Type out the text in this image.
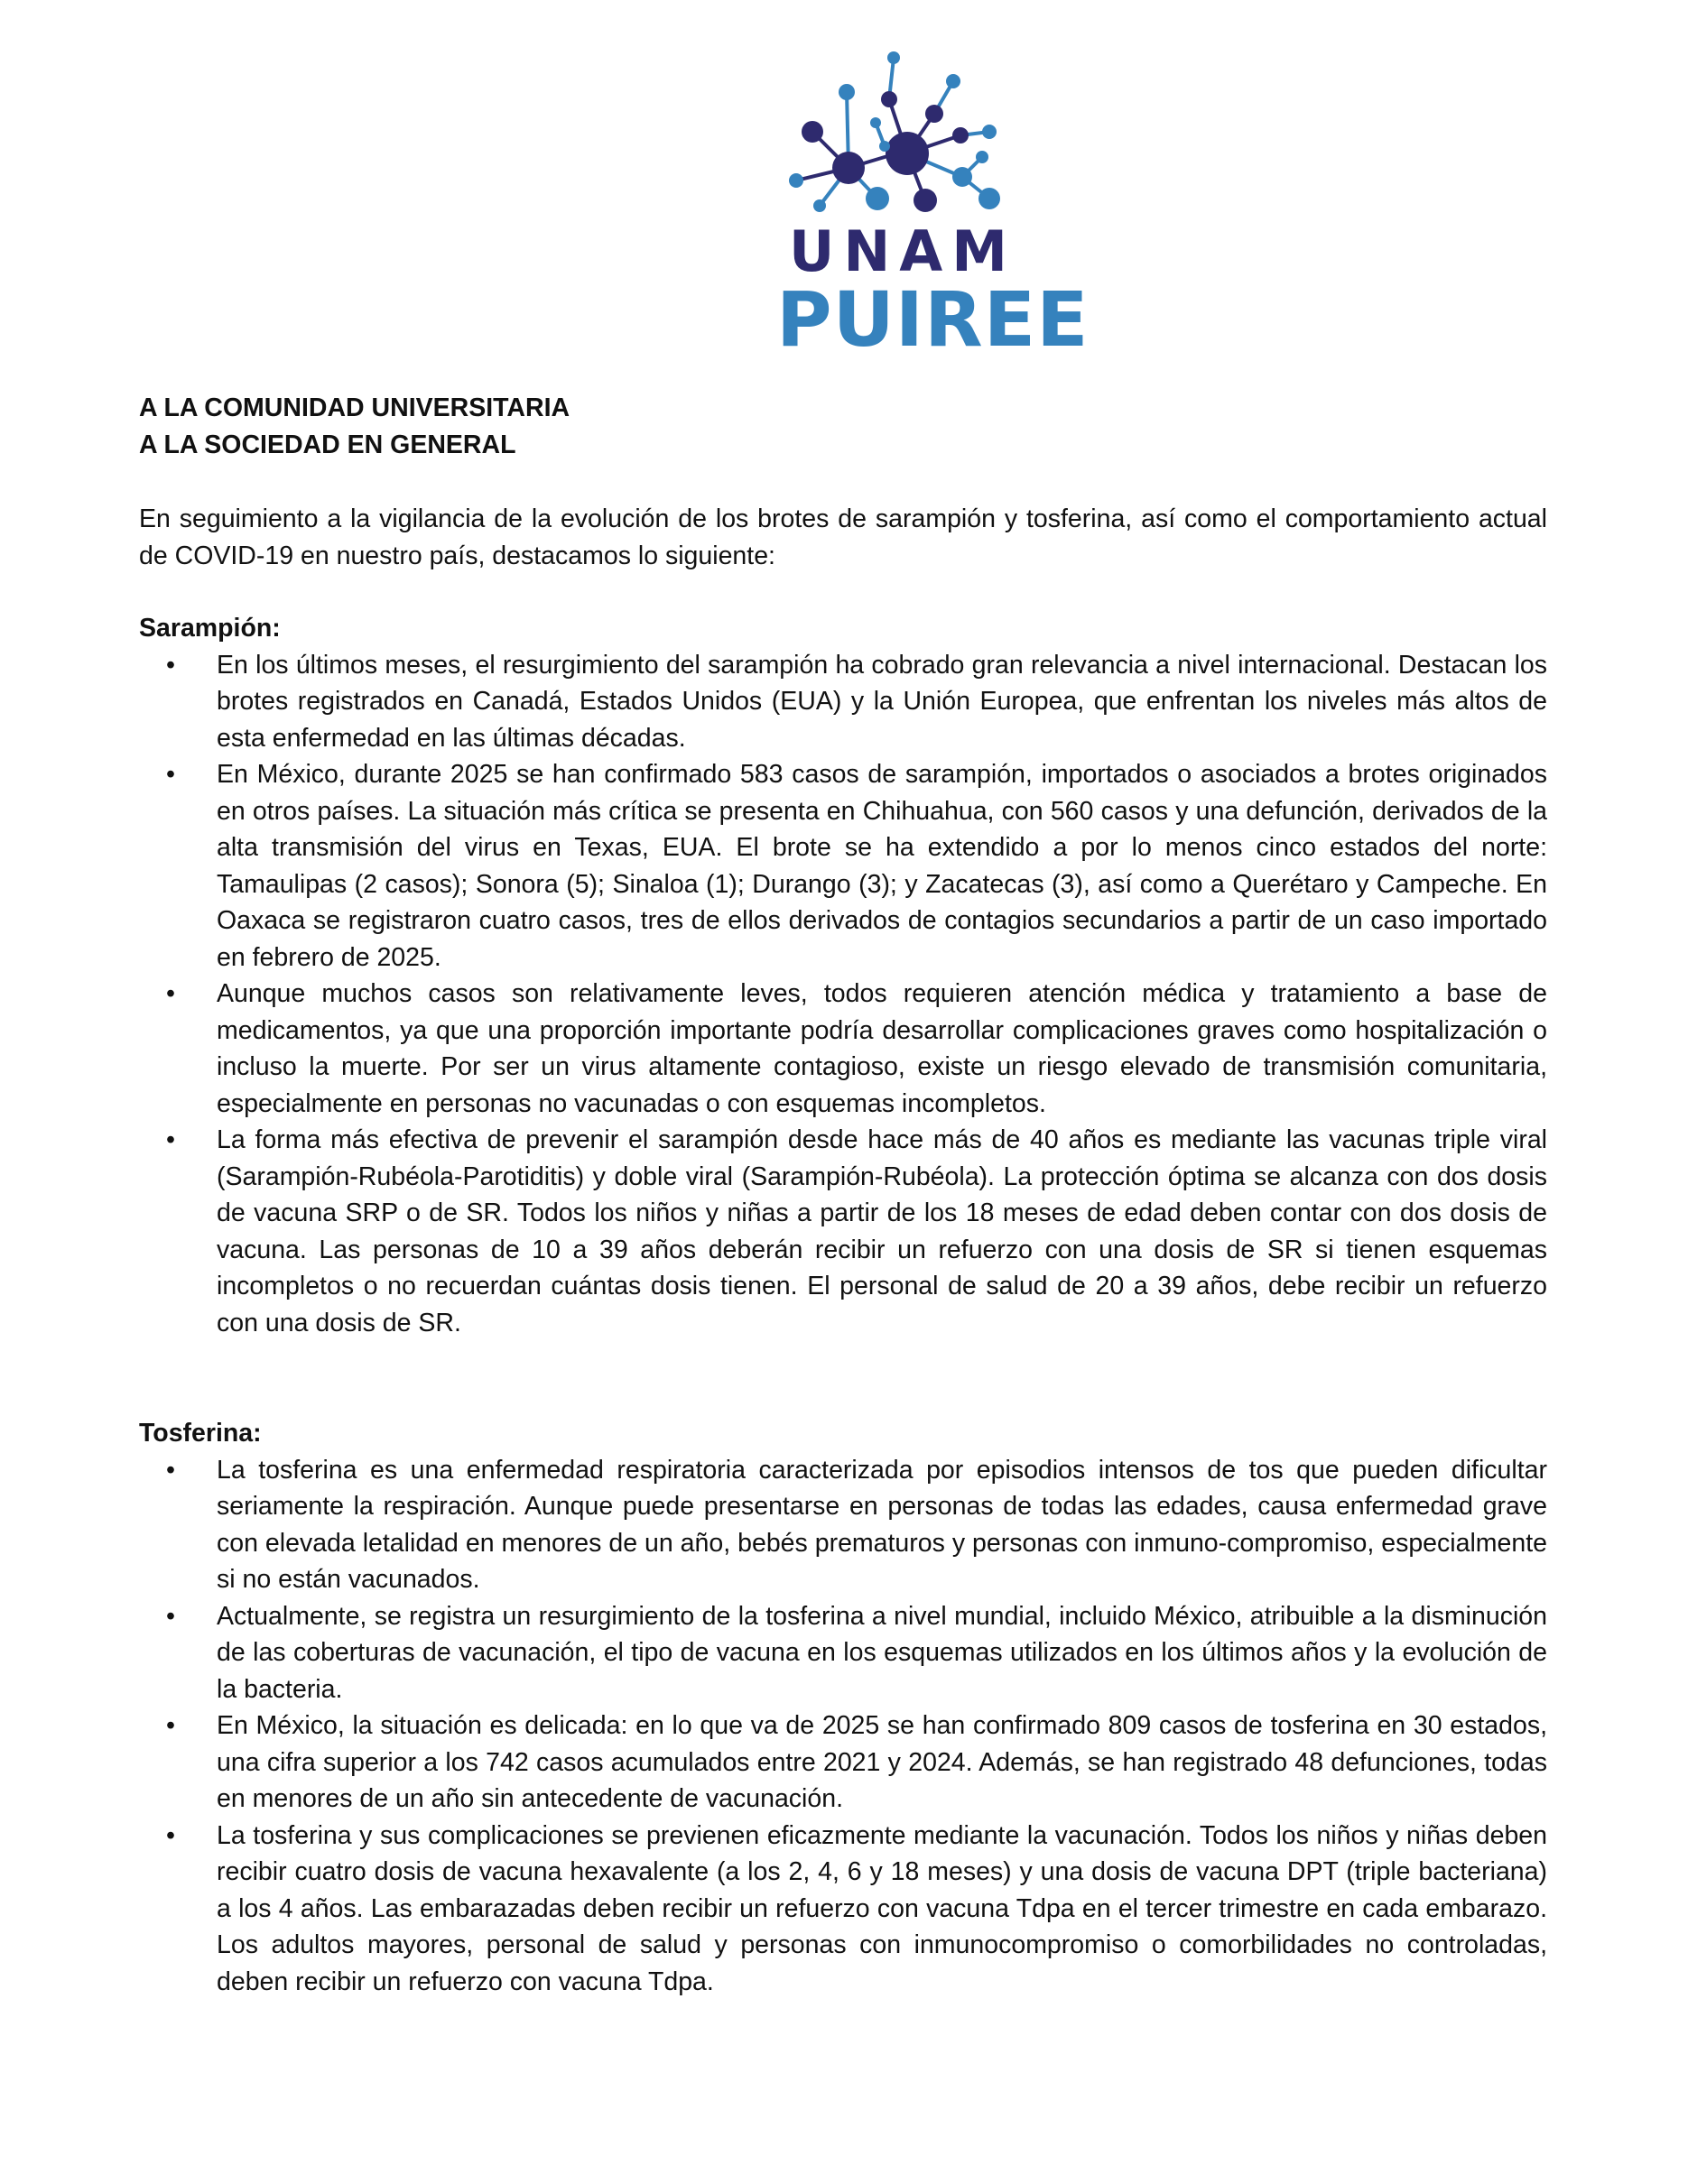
UNAM
PUIREE

A LA COMUNIDAD UNIVERSITARIA

A LA SOCIEDAD EN GENERAL

En seguimiento a la vigilancia de la evolución de los brotes de sarampión y tosferina, así como el comportamiento actual de COVID-19 en nuestro país, destacamos lo siguiente:

Sarampión:

• En los últimos meses, el resurgimiento del sarampión ha cobrado gran relevancia a nivel internacional. Destacan los brotes registrados en Canadá, Estados Unidos (EUA) y la Unión Europea, que enfrentan los niveles más altos de esta enfermedad en las últimas décadas.
• En México, durante 2025 se han confirmado 583 casos de sarampión, importados o asociados a brotes originados en otros países. La situación más crítica se presenta en Chihuahua, con 560 casos y una defunción, derivados de la alta transmisión del virus en Texas, EUA. El brote se ha extendido a por lo menos cinco estados del norte: Tamaulipas (2 casos); Sonora (5); Sinaloa (1); Durango (3); y Zacatecas (3), así como a Querétaro y Campeche. En Oaxaca se registraron cuatro casos, tres de ellos derivados de contagios secundarios a partir de un caso importado en febrero de 2025.
• Aunque muchos casos son relativamente leves, todos requieren atención médica y tratamiento a base de medicamentos, ya que una proporción importante podría desarrollar complicaciones graves como hospitalización o incluso la muerte. Por ser un virus altamente contagioso, existe un riesgo elevado de transmisión comunitaria, especialmente en personas no vacunadas o con esquemas incompletos.
• La forma más efectiva de prevenir el sarampión desde hace más de 40 años es mediante las vacunas triple viral (Sarampión-Rubéola-Parotiditis) y doble viral (Sarampión-Rubéola). La protección óptima se alcanza con dos dosis de vacuna SRP o de SR. Todos los niños y niñas a partir de los 18 meses de edad deben contar con dos dosis de vacuna. Las personas de 10 a 39 años deberán recibir un refuerzo con una dosis de SR si tienen esquemas incompletos o no recuerdan cuántas dosis tienen. El personal de salud de 20 a 39 años, debe recibir un refuerzo con una dosis de SR.

Tosferina:

• La tosferina es una enfermedad respiratoria caracterizada por episodios intensos de tos que pueden dificultar seriamente la respiración. Aunque puede presentarse en personas de todas las edades, causa enfermedad grave con elevada letalidad en menores de un año, bebés prematuros y personas con inmuno-compromiso, especialmente si no están vacunados.
• Actualmente, se registra un resurgimiento de la tosferina a nivel mundial, incluido México, atribuible a la disminución de las coberturas de vacunación, el tipo de vacuna en los esquemas utilizados en los últimos años y la evolución de la bacteria.
• En México, la situación es delicada: en lo que va de 2025 se han confirmado 809 casos de tosferina en 30 estados, una cifra superior a los 742 casos acumulados entre 2021 y 2024. Además, se han registrado 48 defunciones, todas en menores de un año sin antecedente de vacunación.
• La tosferina y sus complicaciones se previenen eficazmente mediante la vacunación. Todos los niños y niñas deben recibir cuatro dosis de vacuna hexavalente (a los 2, 4, 6 y 18 meses) y una dosis de vacuna DPT (triple bacteriana) a los 4 años. Las embarazadas deben recibir un refuerzo con vacuna Tdpa en el tercer trimestre en cada embarazo. Los adultos mayores, personal de salud y personas con inmunocompromiso o comorbilidades no controladas, deben recibir un refuerzo con vacuna Tdpa.
